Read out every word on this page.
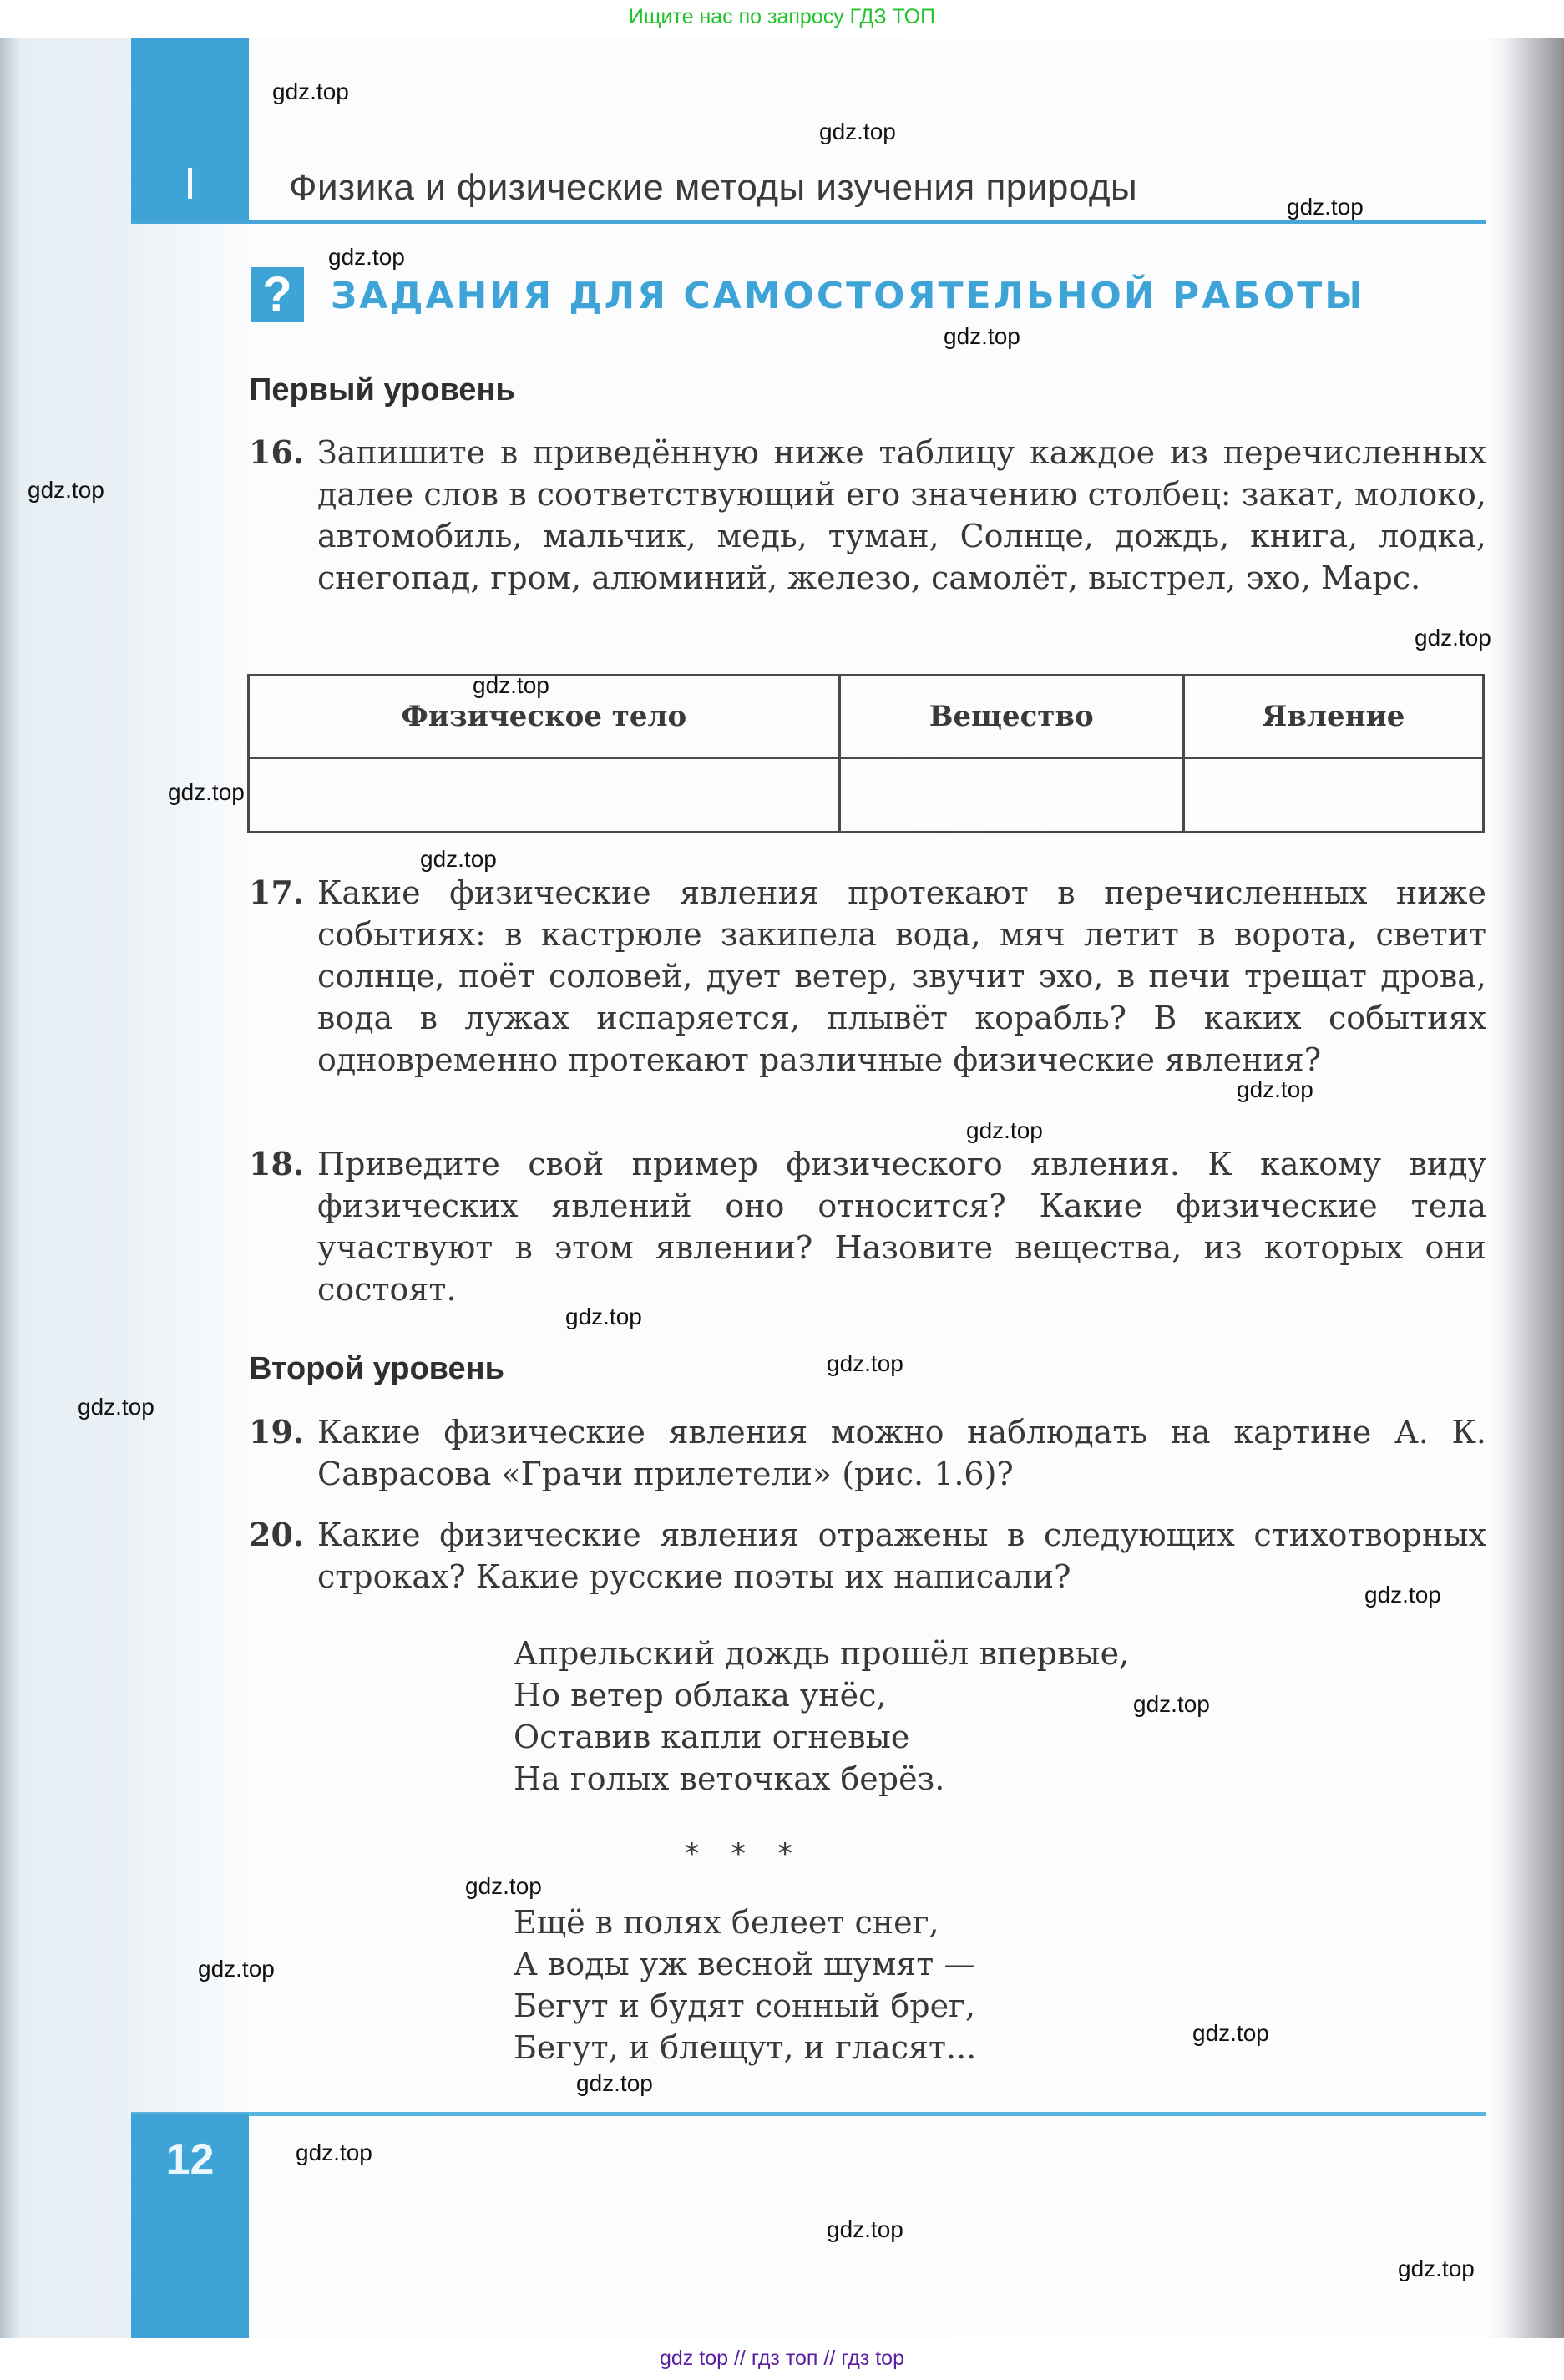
Ищите нас по запросу ГДЗ ТОП
I	Физика и физические методы изучения природы
?	ЗАДАНИЯ ДЛЯ САМОСТОЯТЕЛЬНОЙ РАБОТЫ
Первый уровень
16. Запишите в приведённую ниже таблицу каждое из перечисленных далее слов в соответствующий его значению столбец: закат, молоко, автомобиль, мальчик, медь, туман, Солнце, дождь, книга, лодка, снегопад, гром, алюминий, железо, самолёт, выстрел, эхо, Марс.
Физическое тело	Вещество	Явление

17. Какие физические явления протекают в перечисленных ниже событиях: в кастрюле закипела вода, мяч летит в ворота, светит солнце, поёт соловей, дует ветер, звучит эхо, в печи трещат дрова, вода в лужах испаряется, плывёт корабль? В каких событиях одновременно протекают различные физические явления?
18. Приведите свой пример физического явления. К какому виду физических явлений оно относится? Какие физические тела участвуют в этом явлении? Назовите вещества, из которых они состоят.
Второй уровень
19. Какие физические явления можно наблюдать на картине А. К. Саврасова «Грачи прилетели» (рис. 1.6)?
20. Какие физические явления отражены в следующих стихотворных строках? Какие русские поэты их написали?
Апрельский дождь прошёл впервые,
Но ветер облака унёс,
Оставив капли огневые
На голых веточках берёз.
* * *
Ещё в полях белеет снег,
А воды уж весной шумят —
Бегут и будят сонный брег,
Бегут, и блещут, и гласят...
12
gdz.top
gdz.top
gdz.top
gdz.top
gdz.top
gdz.top
gdz.top
gdz.top
gdz.top
gdz.top
gdz.top
gdz.top
gdz.top
gdz.top
gdz.top
gdz.top
gdz.top
gdz.top
gdz.top
gdz.top
gdz.top
gdz.top
gdz.top
gdz.top
gdz top // гдз топ // гдз top
